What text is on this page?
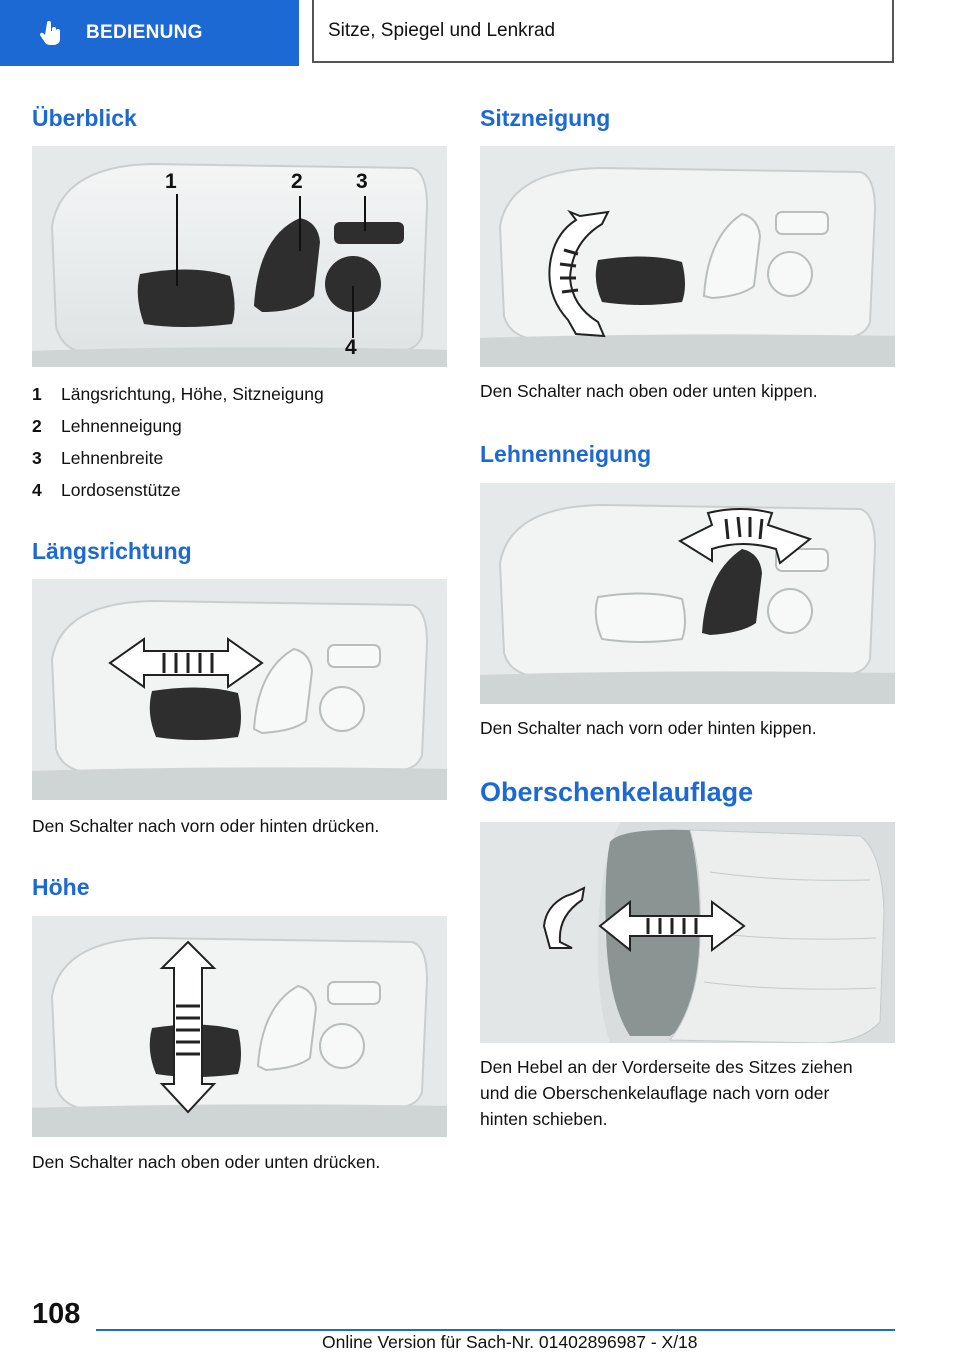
BEDIENUNG	Sitze, Spiegel und Lenkrad
Überblick
1	2	3
4
1	Längsrichtung, Höhe, Sitzneigung
2	Lehnenneigung
3	Lehnenbreite
4	Lordosenstütze
Längsrichtung

Den Schalter nach vorn oder hinten drücken.

Höhe

Den Schalter nach oben oder unten drücken.

Sitzneigung

Den Schalter nach oben oder unten kippen.

Lehnenneigung

Den Schalter nach vorn oder hinten kippen.

Oberschenkelauflage
Den Hebel an der Vorderseite des Sitzes ziehen
und die Oberschenkelauflage nach vorn oder
hinten schieben.
108
Online Version für Sach-Nr. 01402896987 - X/18
